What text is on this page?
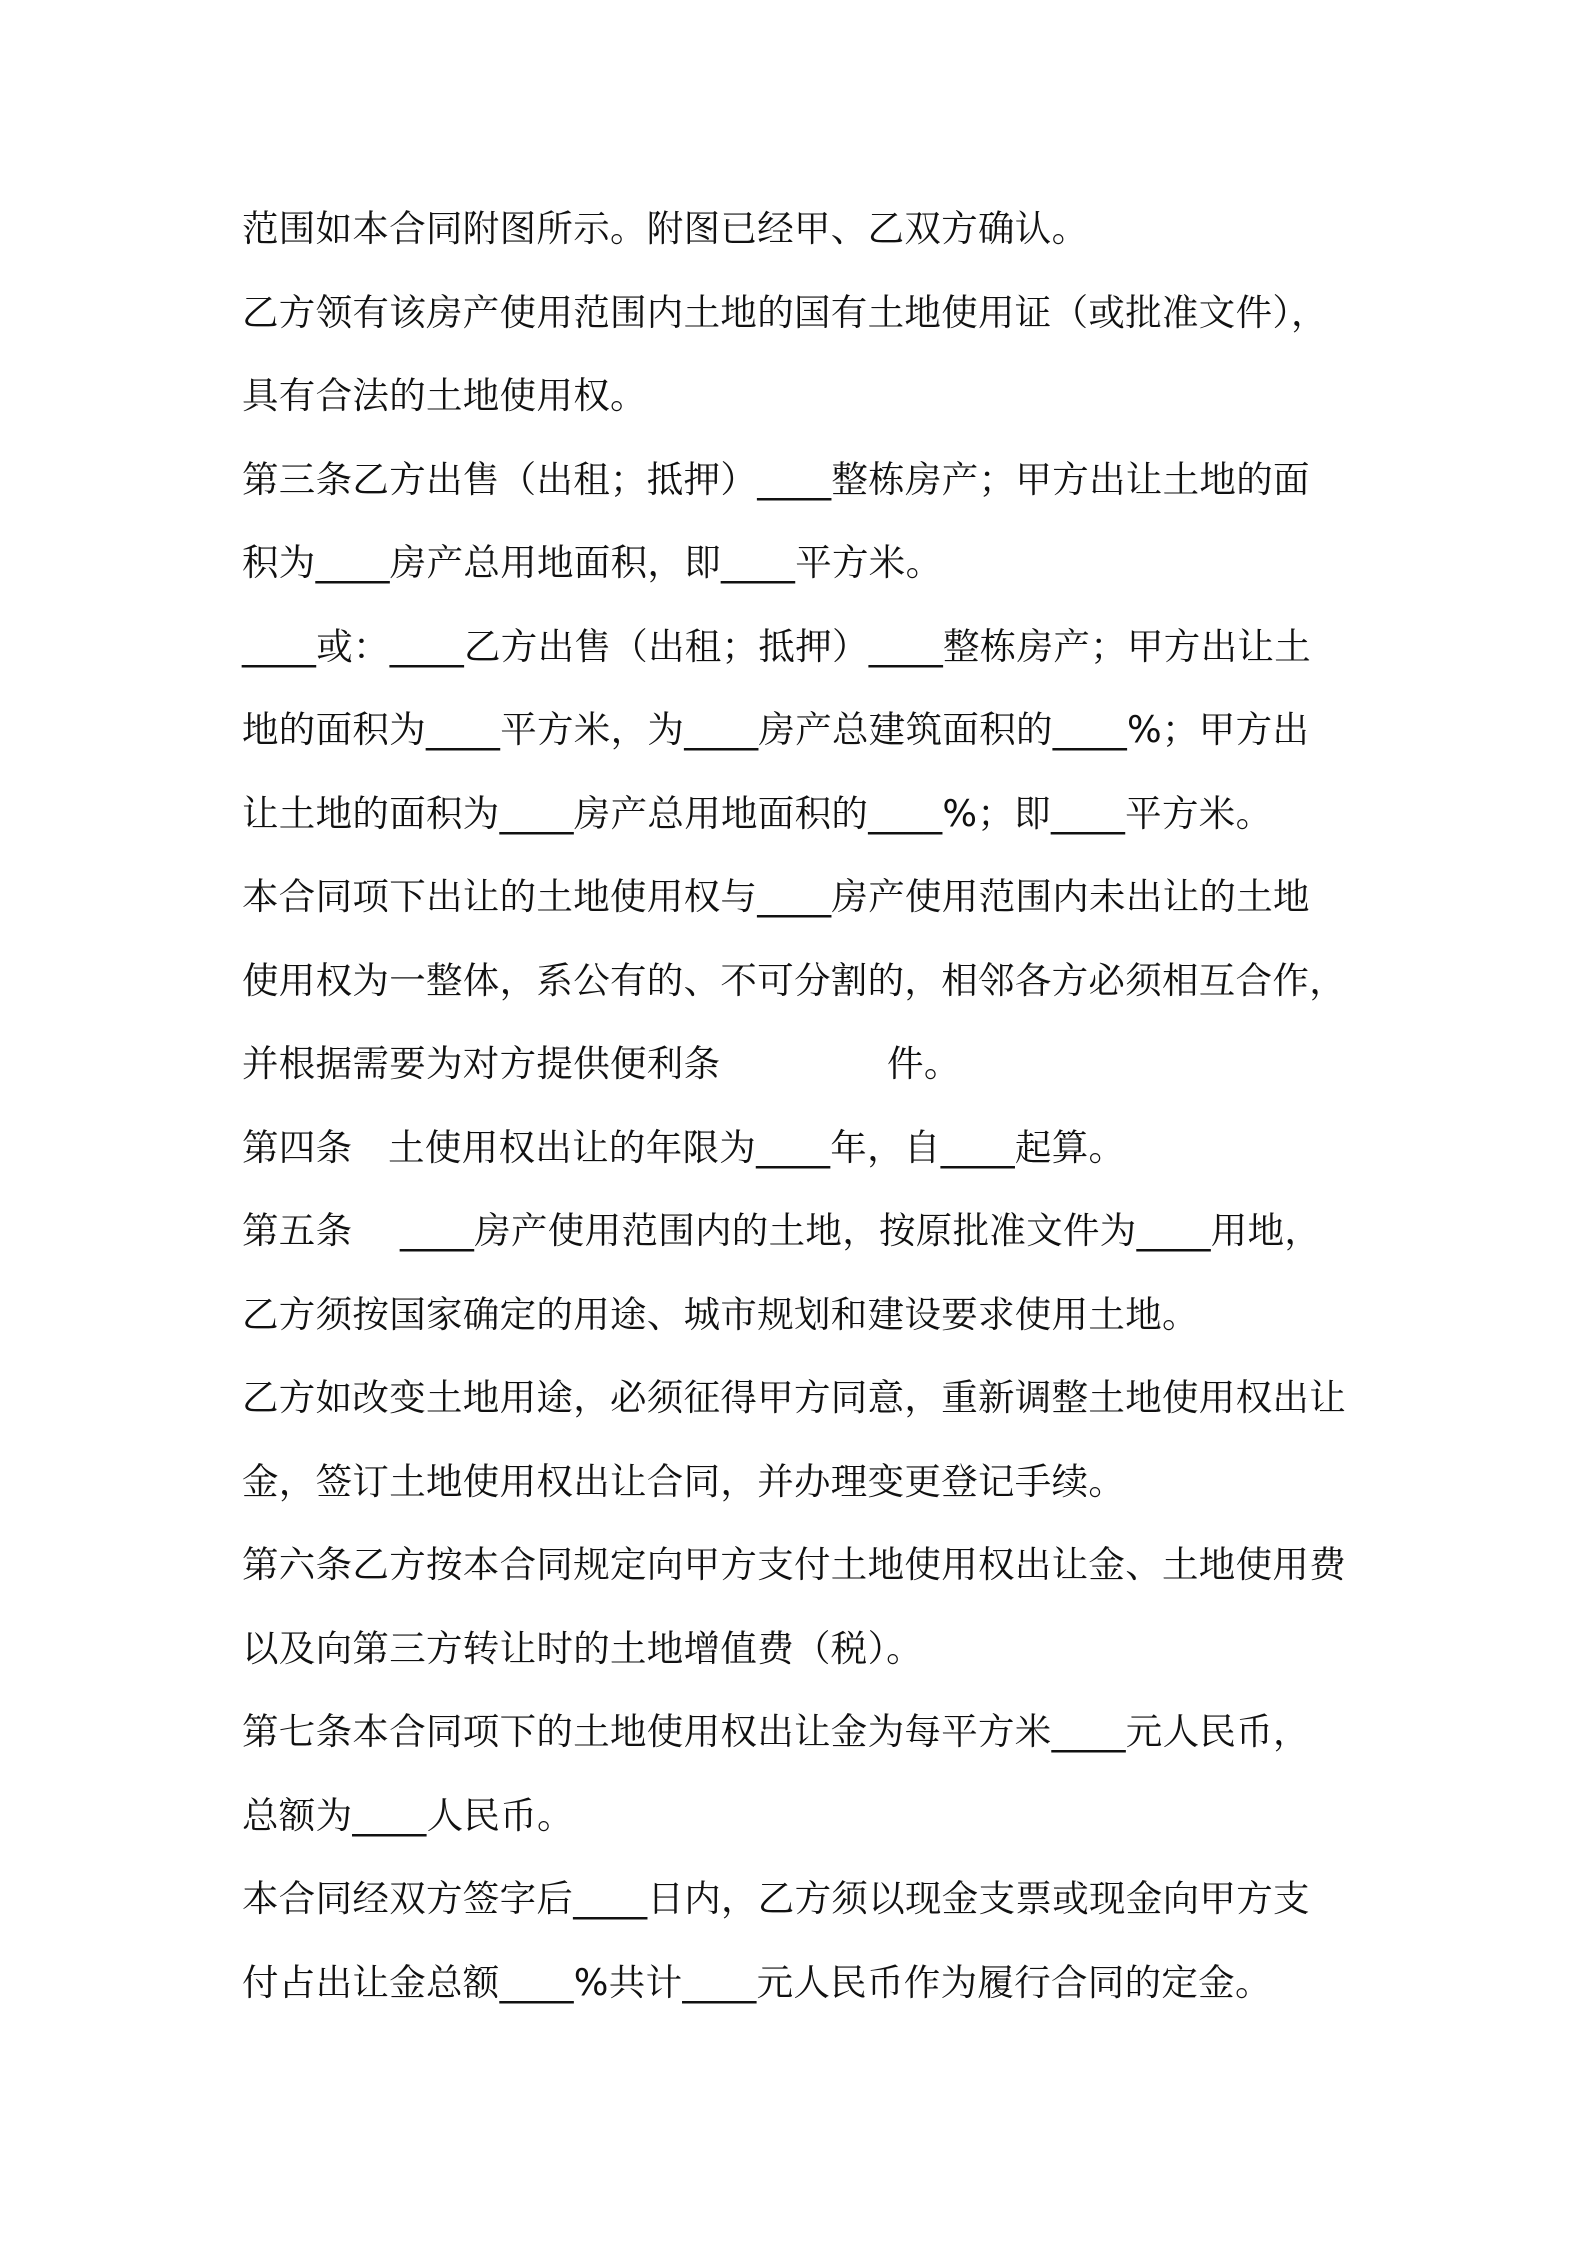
范围如本合同附图所示。附图已经甲、乙双方确认。

乙方领有该房产使用范围内土地的国有土地使用证（或批准文件），

具有合法的土地使用权。

第三条乙方出售（出租；抵押）____整栋房产；甲方出让土地的面

积为____房产总用地面积，即____平方米。

____或：____乙方出售（出租；抵押）____整栋房产；甲方出让土

地的面积为____平方米，为____房产总建筑面积的____%；甲方出

让土地的面积为____房产总用地面积的____%；即____平方米。

本合同项下出让的土地使用权与____房产使用范围内未出让的土地

使用权为一整体，系公有的、不可分割的，相邻各方必须相互合作，

并根据需要为对方提供便利条              件。

第四条   土使用权出让的年限为____年，自____起算。

第五条    ____房产使用范围内的土地，按原批准文件为____用地，

乙方须按国家确定的用途、城市规划和建设要求使用土地。

乙方如改变土地用途，必须征得甲方同意，重新调整土地使用权出让

金，签订土地使用权出让合同，并办理变更登记手续。

第六条乙方按本合同规定向甲方支付土地使用权出让金、土地使用费

以及向第三方转让时的土地增值费（税）。

第七条本合同项下的土地使用权出让金为每平方米____元人民币，

总额为____人民币。

本合同经双方签字后____日内，乙方须以现金支票或现金向甲方支

付占出让金总额____%共计____元人民币作为履行合同的定金。
